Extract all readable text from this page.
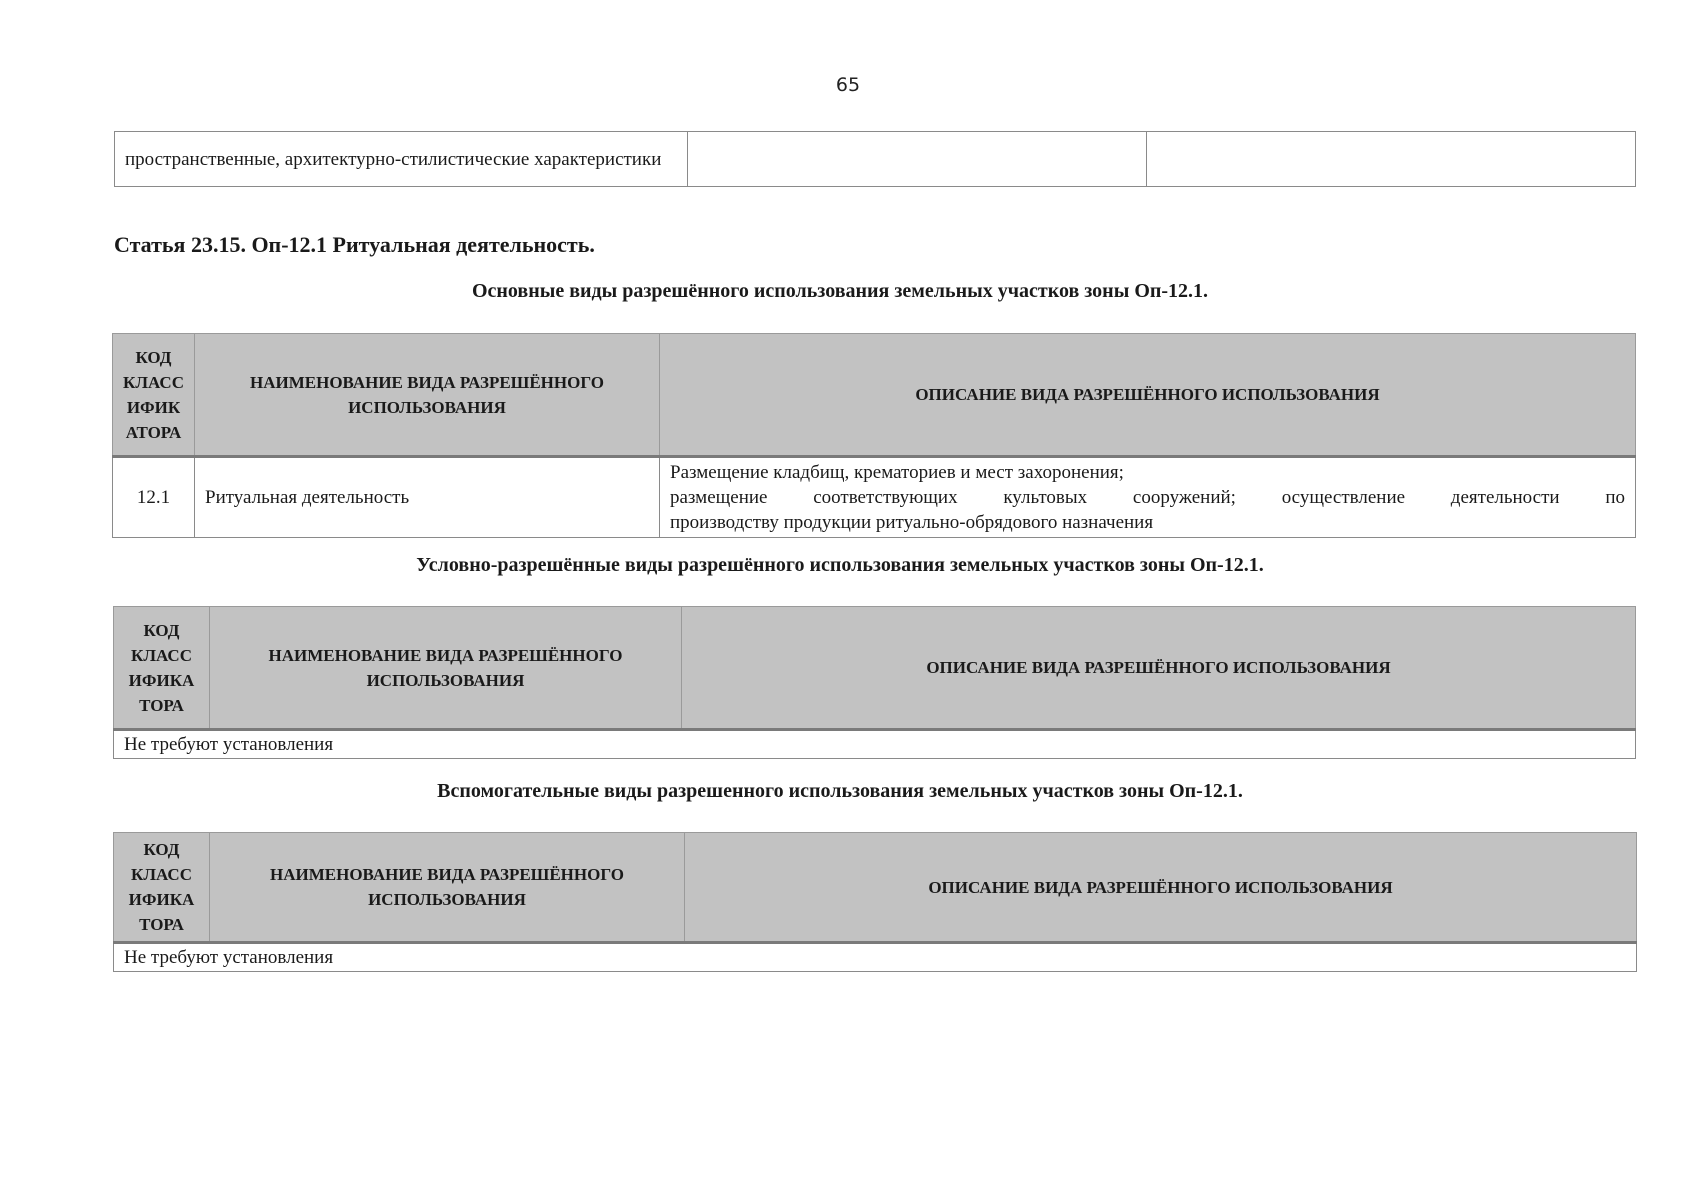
65
пространственные, архитектурно-стилистические характеристики		
Статья 23.15. Оп-12.1 Ритуальная деятельность.
Основные виды разрешённого использования земельных участков зоны Оп-12.1.
КОД КЛАСС ИФИК АТОРА	НАИМЕНОВАНИЕ ВИДА РАЗРЕШЁННОГО ИСПОЛЬЗОВАНИЯ	ОПИСАНИЕ ВИДА РАЗРЕШЁННОГО ИСПОЛЬЗОВАНИЯ
12.1	Ритуальная деятельность	Размещение кладбищ, крематориев и мест захоронения;
размещение соответствующих культовых сооружений; осуществление деятельности по
производству продукции ритуально-обрядового назначения
Условно-разрешённые виды разрешённого использования земельных участков зоны Оп-12.1.
КОД КЛАСС ИФИКА ТОРА	НАИМЕНОВАНИЕ ВИДА РАЗРЕШЁННОГО ИСПОЛЬЗОВАНИЯ	ОПИСАНИЕ ВИДА РАЗРЕШЁННОГО ИСПОЛЬЗОВАНИЯ
Не требуют установления
Вспомогательные виды разрешенного использования земельных участков зоны Оп-12.1.
КОД КЛАСС ИФИКА ТОРА	НАИМЕНОВАНИЕ ВИДА РАЗРЕШЁННОГО ИСПОЛЬЗОВАНИЯ	ОПИСАНИЕ ВИДА РАЗРЕШЁННОГО ИСПОЛЬЗОВАНИЯ
Не требуют установления
